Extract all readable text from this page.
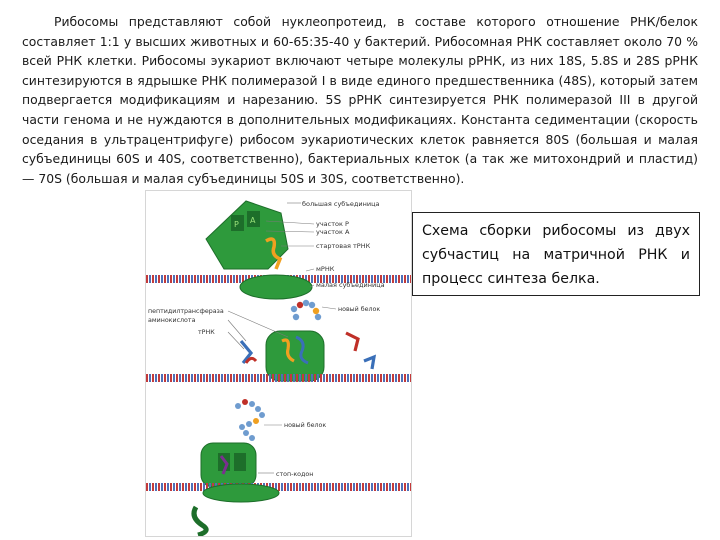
Рибосомы представляют собой нуклеопротеид, в составе которого отношение РНК/белок составляет 1:1 у высших животных и 60-65:35-40 у бактерий. Рибосомная РНК составляет около 70 % всей РНК клетки. Рибосомы эукариот включают четыре молекулы рРНК, из них 18S, 5.8S и 28S рРНК синтезируются в ядрышке РНК полимеразой I в виде единого предшественника (48S), который затем подвергается модификациям и нарезанию. 5S рРНК синтезируется РНК полимеразой III в другой части генома и не нуждаются в дополнительных модификациях. Константа седиментации (скорость оседания в ультрацентрифуге) рибосом эукариотических клеток равняется 80S (большая и малая субъединицы 60S и 40S, соответственно), бактериальных клеток (а так же митохондрий и пластид) — 70S (большая и малая субъединицы 50S и 30S, соответственно).

P A
большая субъединица
участок Р
участок А
стартовая тРНК
мРНК
малая субъединица
пептидилтрансфераза
аминокислота
тРНК
новый белок
новый белок
стоп-кодон
Схема сборки рибосомы из двух субчастиц на матричной РНК и процесс синтеза белка.
